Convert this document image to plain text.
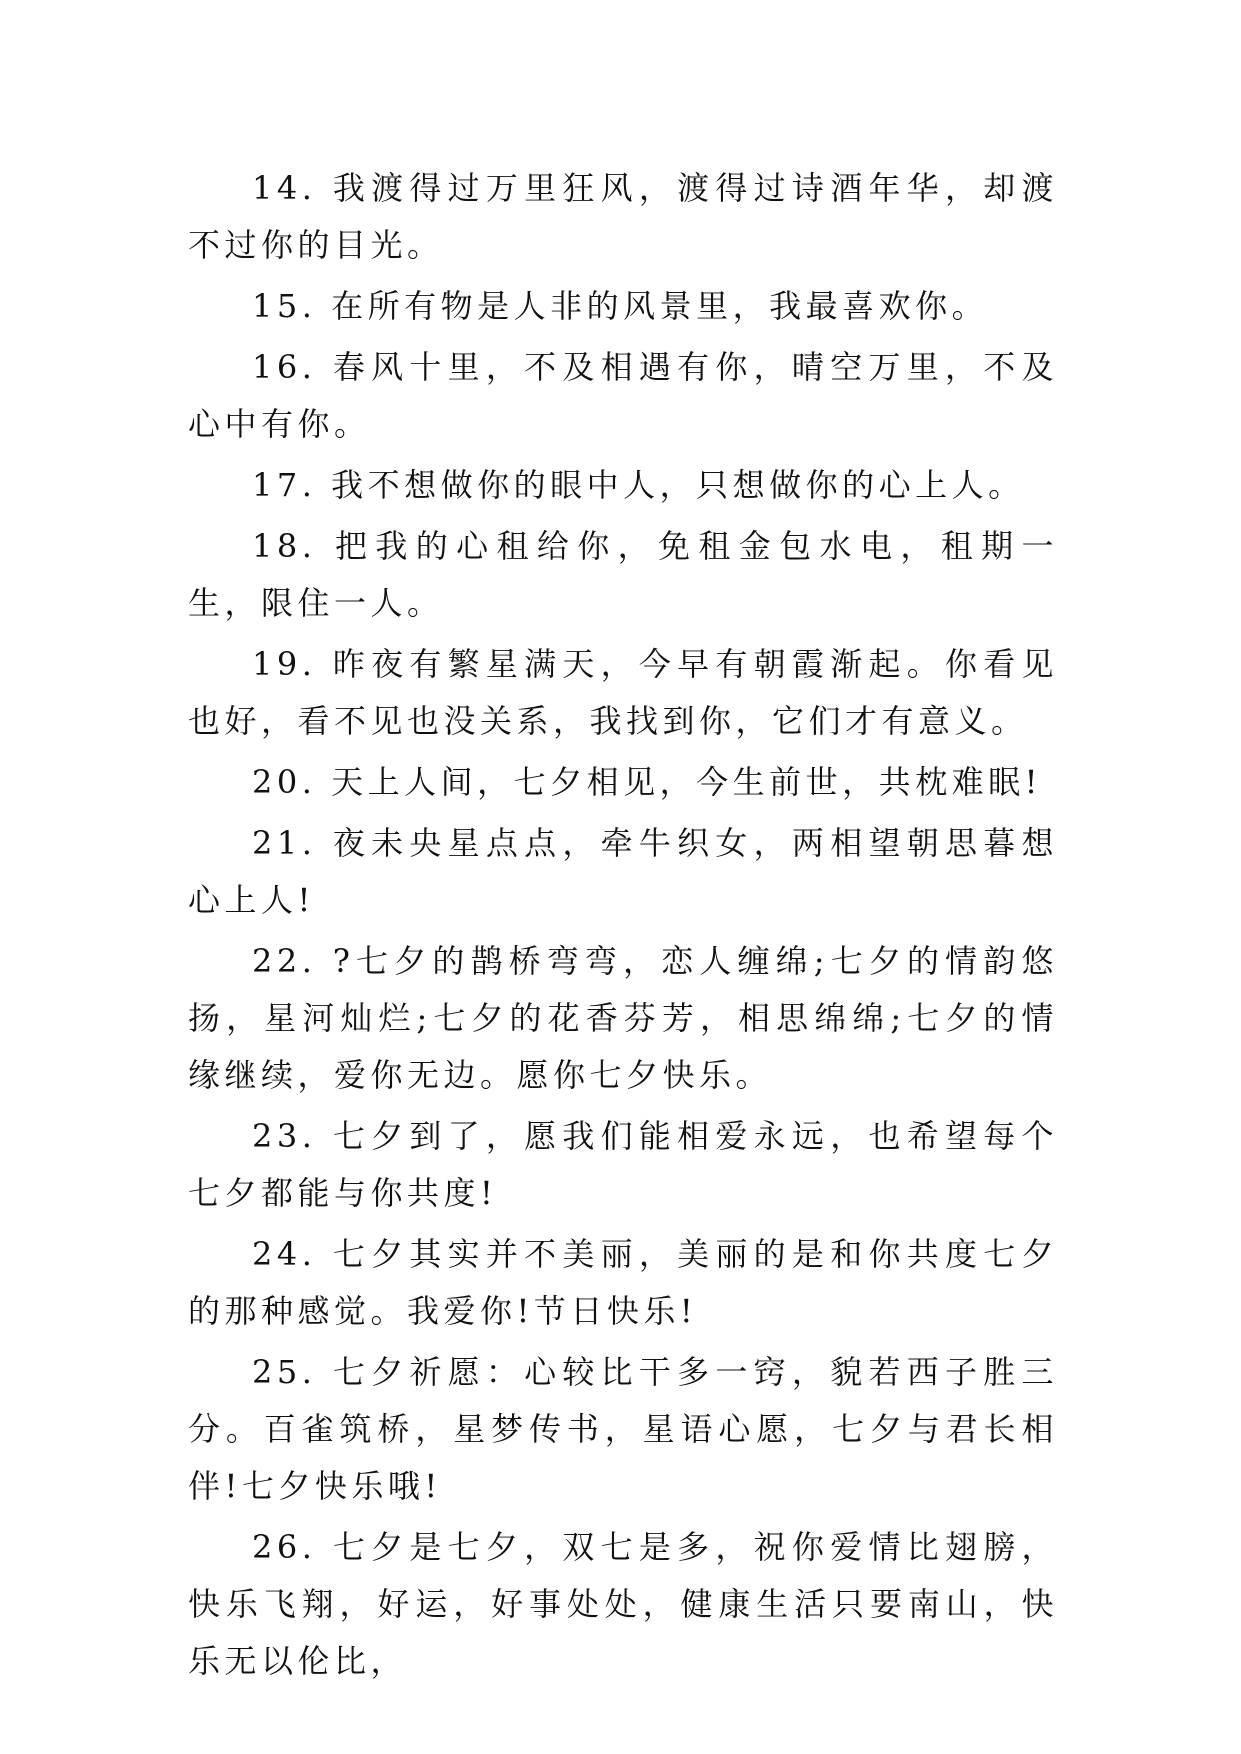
14. 我渡得过万里狂风，渡得过诗酒年华，却渡不过你的目光。

15. 在所有物是人非的风景里，我最喜欢你。

16. 春风十里，不及相遇有你，晴空万里，不及心中有你。

17. 我不想做你的眼中人，只想做你的心上人。

18. 把我的心租给你，免租金包水电，租期一生，限住一人。

19. 昨夜有繁星满天，今早有朝霞渐起。你看见也好，看不见也没关系，我找到你，它们才有意义。

20. 天上人间，七夕相见，今生前世，共枕难眠!

21. 夜未央星点点，牵牛织女，两相望朝思暮想心上人!

22. ?七夕的鹊桥弯弯，恋人缠绵;七夕的情韵悠扬，星河灿烂;七夕的花香芬芳，相思绵绵;七夕的情缘继续，爱你无边。愿你七夕快乐。

23. 七夕到了，愿我们能相爱永远，也希望每个七夕都能与你共度!

24. 七夕其实并不美丽，美丽的是和你共度七夕的那种感觉。我爱你!节日快乐!

25. 七夕祈愿：心较比干多一窍，貌若西子胜三分。百雀筑桥，星梦传书，星语心愿，七夕与君长相伴!七夕快乐哦!

26. 七夕是七夕，双七是多，祝你爱情比翅膀，快乐飞翔，好运，好事处处，健康生活只要南山，快乐无以伦比，
